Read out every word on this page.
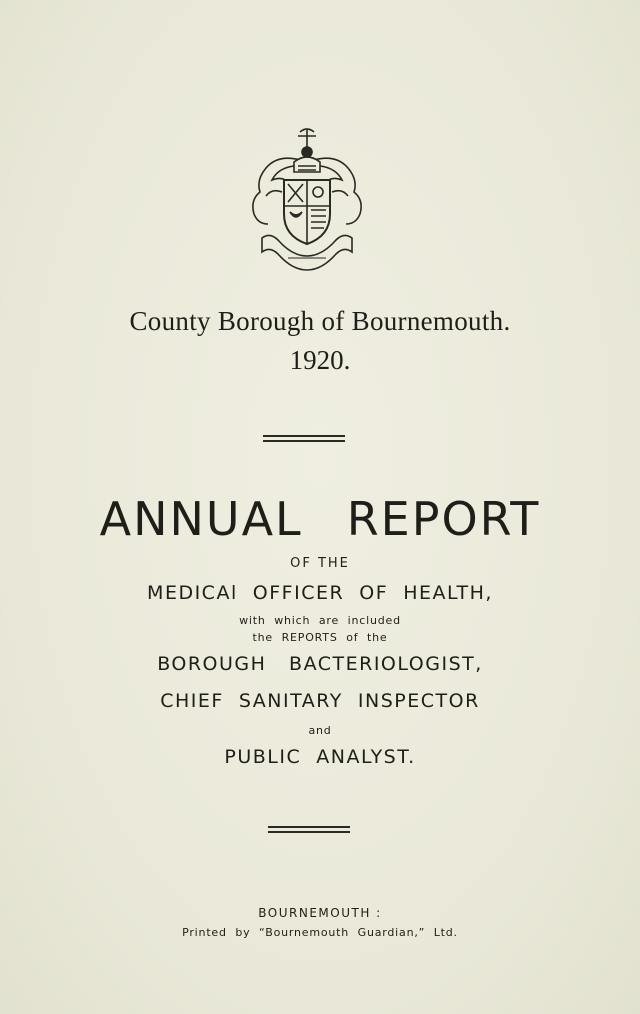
County Borough of Bournemouth.
1920.
ANNUAL REPORT
OF THE
MEDICAl  OFFICER  OF  HEALTH,
with  which  are  included
the  REPORTS  of  the
BOROUGH   BACTERIOLOGIST,
CHIEF  SANITARY  INSPECTOR
and
PUBLIC  ANALYST.
BOURNEMOUTH :
Printed  by  “Bournemouth  Guardian,”  Ltd.
